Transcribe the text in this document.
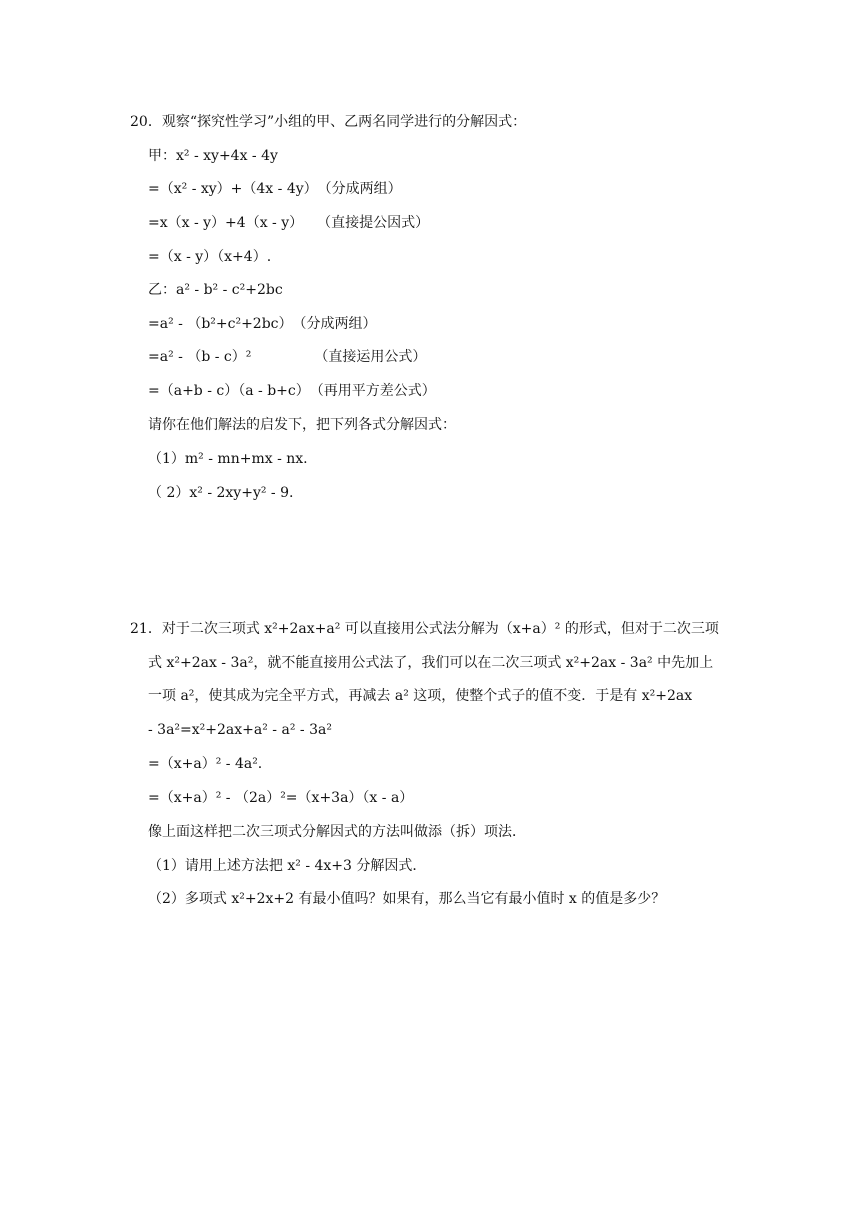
20．观察“探究性学习”小组的甲、乙两名同学进行的分解因式：
甲：x² - xy+4x - 4y
=（x² - xy）+（4x - 4y）　（分成两组）
=x（x - y）+4（x - y）　　（直接提公因式）
=（x - y）（x+4）.
乙：a² - b² - c²+2bc
=a² - （b²+c²+2bc）　（分成两组）
=a² - （b - c）²　　　　　（直接运用公式）
=（a+b - c）（a - b+c）　（再用平方差公式）
请你在他们解法的启发下，把下列各式分解因式：
（1）m² - mn+mx - nx.
（ 2）x² - 2xy+y² - 9.
21．对于二次三项式 x²+2ax+a² 可以直接用公式法分解为（x+a）² 的形式，但对于二次三项
式 x²+2ax - 3a²，就不能直接用公式法了，我们可以在二次三项式 x²+2ax - 3a² 中先加上
一项 a²，使其成为完全平方式，再减去 a² 这项，使整个式子的值不变．于是有 x²+2ax
- 3a²=x²+2ax+a² - a² - 3a²
=（x+a）² - 4a².
=（x+a）² - （2a）²=（x+3a）（x - a）
像上面这样把二次三项式分解因式的方法叫做添（拆）项法．
（1）请用上述方法把 x² - 4x+3 分解因式．
（2）多项式 x²+2x+2 有最小值吗？如果有，那么当它有最小值时 x 的值是多少？
